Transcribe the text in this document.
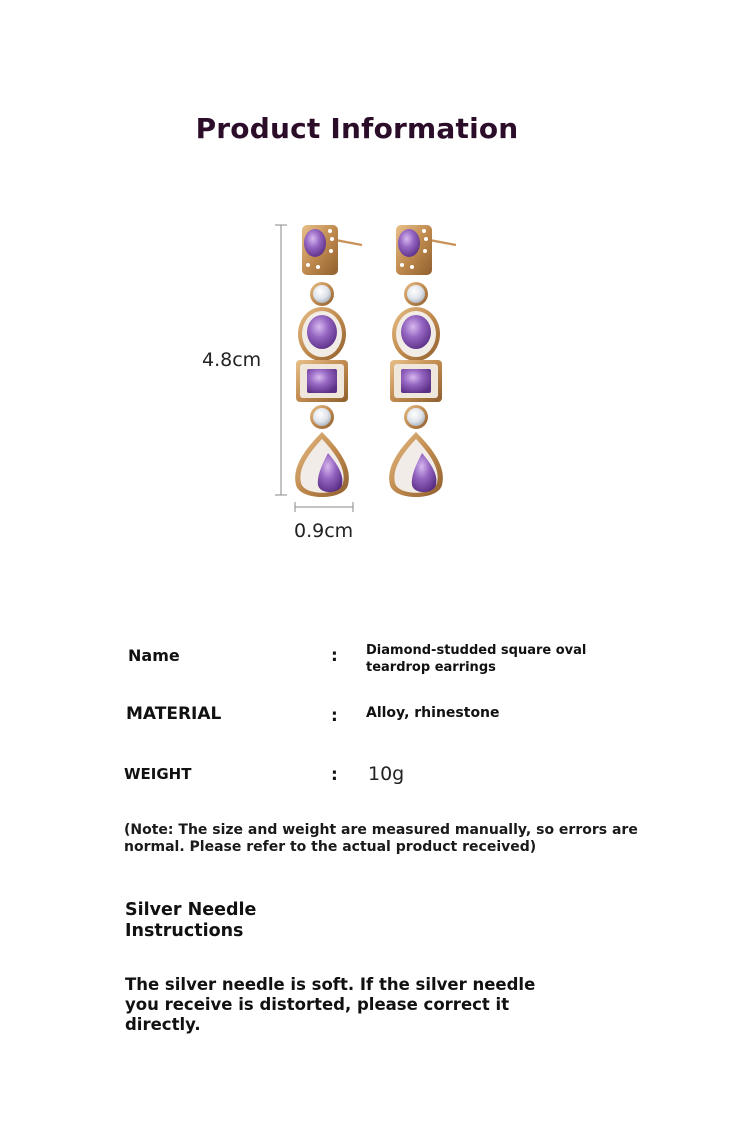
Product Information
4.8cm
0.9cm
Name	: Diamond-studded square oval teardrop earrings
MATERIAL	: Alloy, rhinestone
WEIGHT	: 10g
(Note: The size and weight are measured manually, so errors are normal. Please refer to the actual product received)
Silver Needle Instructions
The silver needle is soft. If the silver needle you receive is distorted, please correct it directly.
